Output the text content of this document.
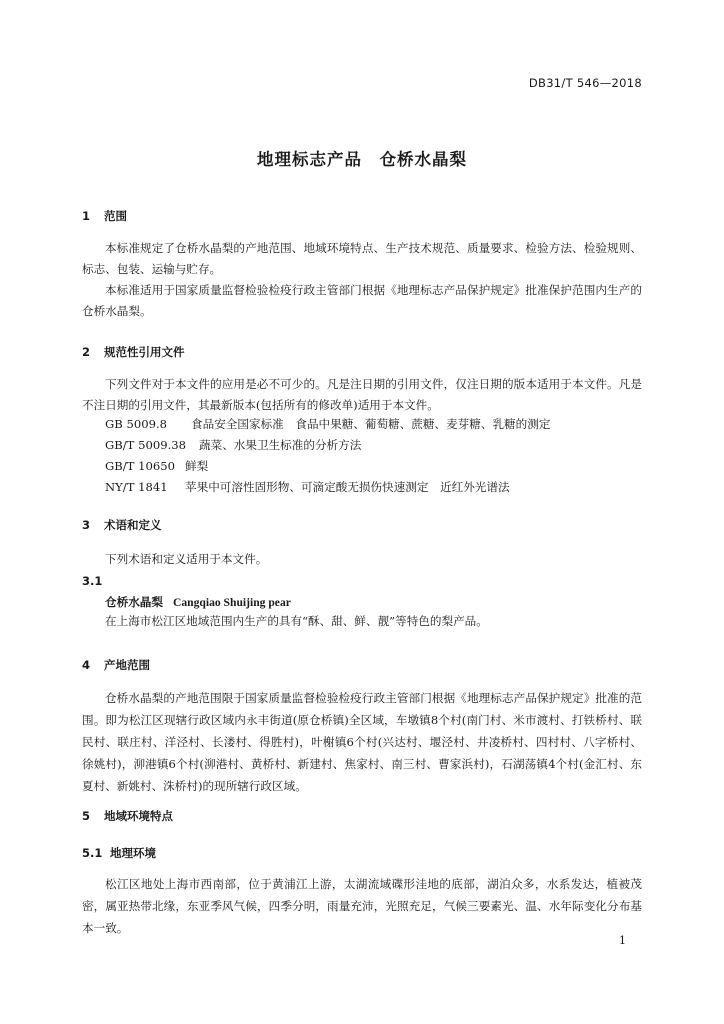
DB31/T 546—2018
地理标志产品　仓桥水晶梨
1 范围
本标准规定了仓桥水晶梨的产地范围、地域环境特点、生产技术规范、质量要求、检验方法、检验规则、标志、包装、运输与贮存。
本标准适用于国家质量监督检验检疫行政主管部门根据《地理标志产品保护规定》批准保护范围内生产的仓桥水晶梨。
2 规范性引用文件
下列文件对于本文件的应用是必不可少的。凡是注日期的引用文件，仅注日期的版本适用于本文件。凡是不注日期的引用文件，其最新版本(包括所有的修改单)适用于本文件。
GB 5009.8 食品安全国家标准　食品中果糖、葡萄糖、蔗糖、麦芽糖、乳糖的测定
GB/T 5009.38 蔬菜、水果卫生标准的分析方法
GB/T 10650 鲜梨
NY/T 1841 苹果中可溶性固形物、可滴定酸无损伤快速测定　近红外光谱法
3 术语和定义
下列术语和定义适用于本文件。
3.1
仓桥水晶梨 Cangqiao Shuijing pear
在上海市松江区地域范围内生产的具有“酥、甜、鲜、靓”等特色的梨产品。
4 产地范围
仓桥水晶梨的产地范围限于国家质量监督检验检疫行政主管部门根据《地理标志产品保护规定》批准的范围。即为松江区现辖行政区域内永丰街道(原仓桥镇)全区域，车墩镇8个村(南门村、米市渡村、打铁桥村、联民村、联庄村、洋泾村、长溇村、得胜村)，叶榭镇6个村(兴达村、堰泾村、井凌桥村、四村村、八字桥村、徐姚村)，泖港镇6个村(泖港村、黄桥村、新建村、焦家村、南三村、曹家浜村)，石湖荡镇4个村(金汇村、东夏村、新姚村、洙桥村)的现所辖行政区域。
5 地域环境特点
5.1 地理环境
松江区地处上海市西南部，位于黄浦江上游，太湖流域碟形洼地的底部，湖泊众多，水系发达，植被茂密，属亚热带北缘，东亚季风气候，四季分明，雨量充沛，光照充足，气候三要素光、温、水年际变化分布基本一致。
1
